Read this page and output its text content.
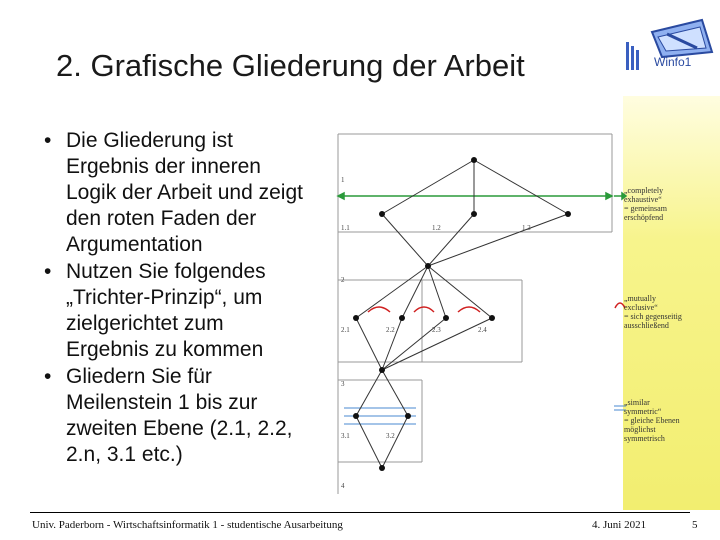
Winfo1
2. Grafische Gliederung der Arbeit
• Die Gliederung ist Ergebnis der inneren Logik der Arbeit und zeigt den roten Faden der Argumentation
• Nutzen Sie folgendes „Trichter-Prinzip“, um zielgerichtet zum Ergebnis zu kommen
• Gliedern Sie für Meilenstein 1 bis zur zweiten Ebene (2.1, 2.2, 2.n, 3.1 etc.)
1
1.1	1.2	1.3
2
2.1	2.2	2.3	2.4
3
3.1	3.2
4
„completely
exhaustive“
= gemeinsam
erschöpfend
„mutually
exclusive“
= sich gegenseitig
ausschließend
„similar
symmetric“
= gleiche Ebenen
möglichst
symmetrisch
Univ. Paderborn - Wirtschaftsinformatik 1 - studentische Ausarbeitung	4. Juni 2021	5
